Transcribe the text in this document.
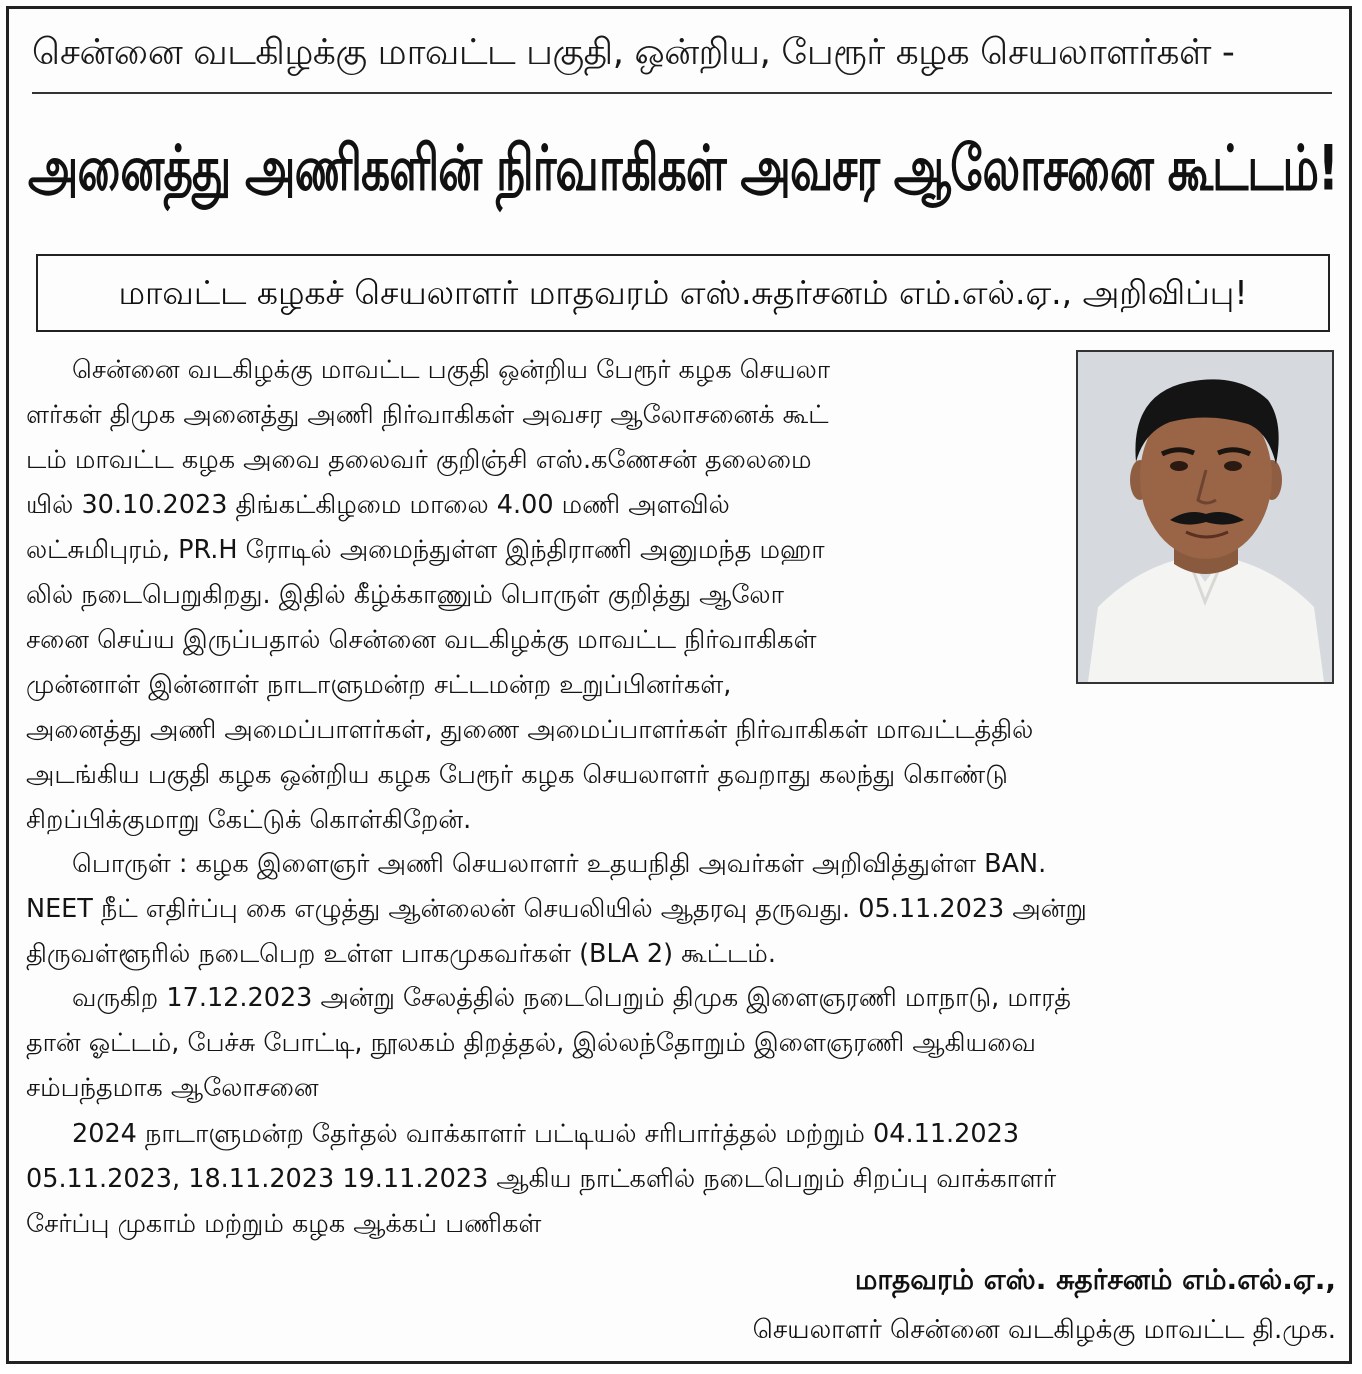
சென்னை வடகிழக்கு மாவட்ட பகுதி, ஒன்றிய, பேரூர் கழக செயலாளர்கள் -
அனைத்து அணிகளின் நிர்வாகிகள் அவசர ஆலோசனை கூட்டம்!
மாவட்ட கழகச் செயலாளர் மாதவரம் எஸ்.சுதர்சனம் எம்.எல்.ஏ., அறிவிப்பு!
சென்னை வடகிழக்கு மாவட்ட பகுதி ஒன்றிய பேரூர் கழக செயலா
ளர்கள் திமுக அனைத்து அணி நிர்வாகிகள் அவசர ஆலோசனைக் கூட்
டம் மாவட்ட கழக அவை தலைவர் குறிஞ்சி எஸ்.கணேசன் தலைமை
யில் 30.10.2023 திங்கட்கிழமை மாலை 4.00 மணி அளவில்
லட்சுமிபுரம், PR.H ரோடில் அமைந்துள்ள இந்திராணி அனுமந்த மஹா
லில் நடைபெறுகிறது. இதில் கீழ்க்காணும் பொருள் குறித்து ஆலோ
சனை செய்ய இருப்பதால் சென்னை வடகிழக்கு மாவட்ட நிர்வாகிகள்
முன்னாள் இன்னாள் நாடாளுமன்ற சட்டமன்ற உறுப்பினர்கள்,
அனைத்து அணி அமைப்பாளர்கள், துணை அமைப்பாளர்கள் நிர்வாகிகள் மாவட்டத்தில்
அடங்கிய பகுதி கழக ஒன்றிய கழக பேரூர் கழக செயலாளர் தவறாது கலந்து கொண்டு
சிறப்பிக்குமாறு கேட்டுக் கொள்கிறேன்.
பொருள் : கழக இளைஞர் அணி செயலாளர் உதயநிதி அவர்கள் அறிவித்துள்ள BAN.
NEET நீட் எதிர்ப்பு கை எழுத்து ஆன்லைன் செயலியில் ஆதரவு தருவது. 05.11.2023 அன்று
திருவள்ளூரில் நடைபெற உள்ள பாகமுகவர்கள் (BLA 2) கூட்டம்.
வருகிற 17.12.2023 அன்று சேலத்தில் நடைபெறும் திமுக இளைஞரணி மாநாடு, மாரத்
தான் ஓட்டம், பேச்சு போட்டி, நூலகம் திறத்தல், இல்லந்தோறும் இளைஞரணி ஆகியவை
சம்பந்தமாக ஆலோசனை
2024 நாடாளுமன்ற தேர்தல் வாக்காளர் பட்டியல் சரிபார்த்தல் மற்றும் 04.11.2023
05.11.2023, 18.11.2023 19.11.2023 ஆகிய நாட்களில் நடைபெறும் சிறப்பு வாக்காளர்
சேர்ப்பு முகாம் மற்றும் கழக ஆக்கப் பணிகள்
மாதவரம் எஸ். சுதர்சனம் எம்.எல்.ஏ.,
செயலாளர் சென்னை வடகிழக்கு மாவட்ட தி.முக.
